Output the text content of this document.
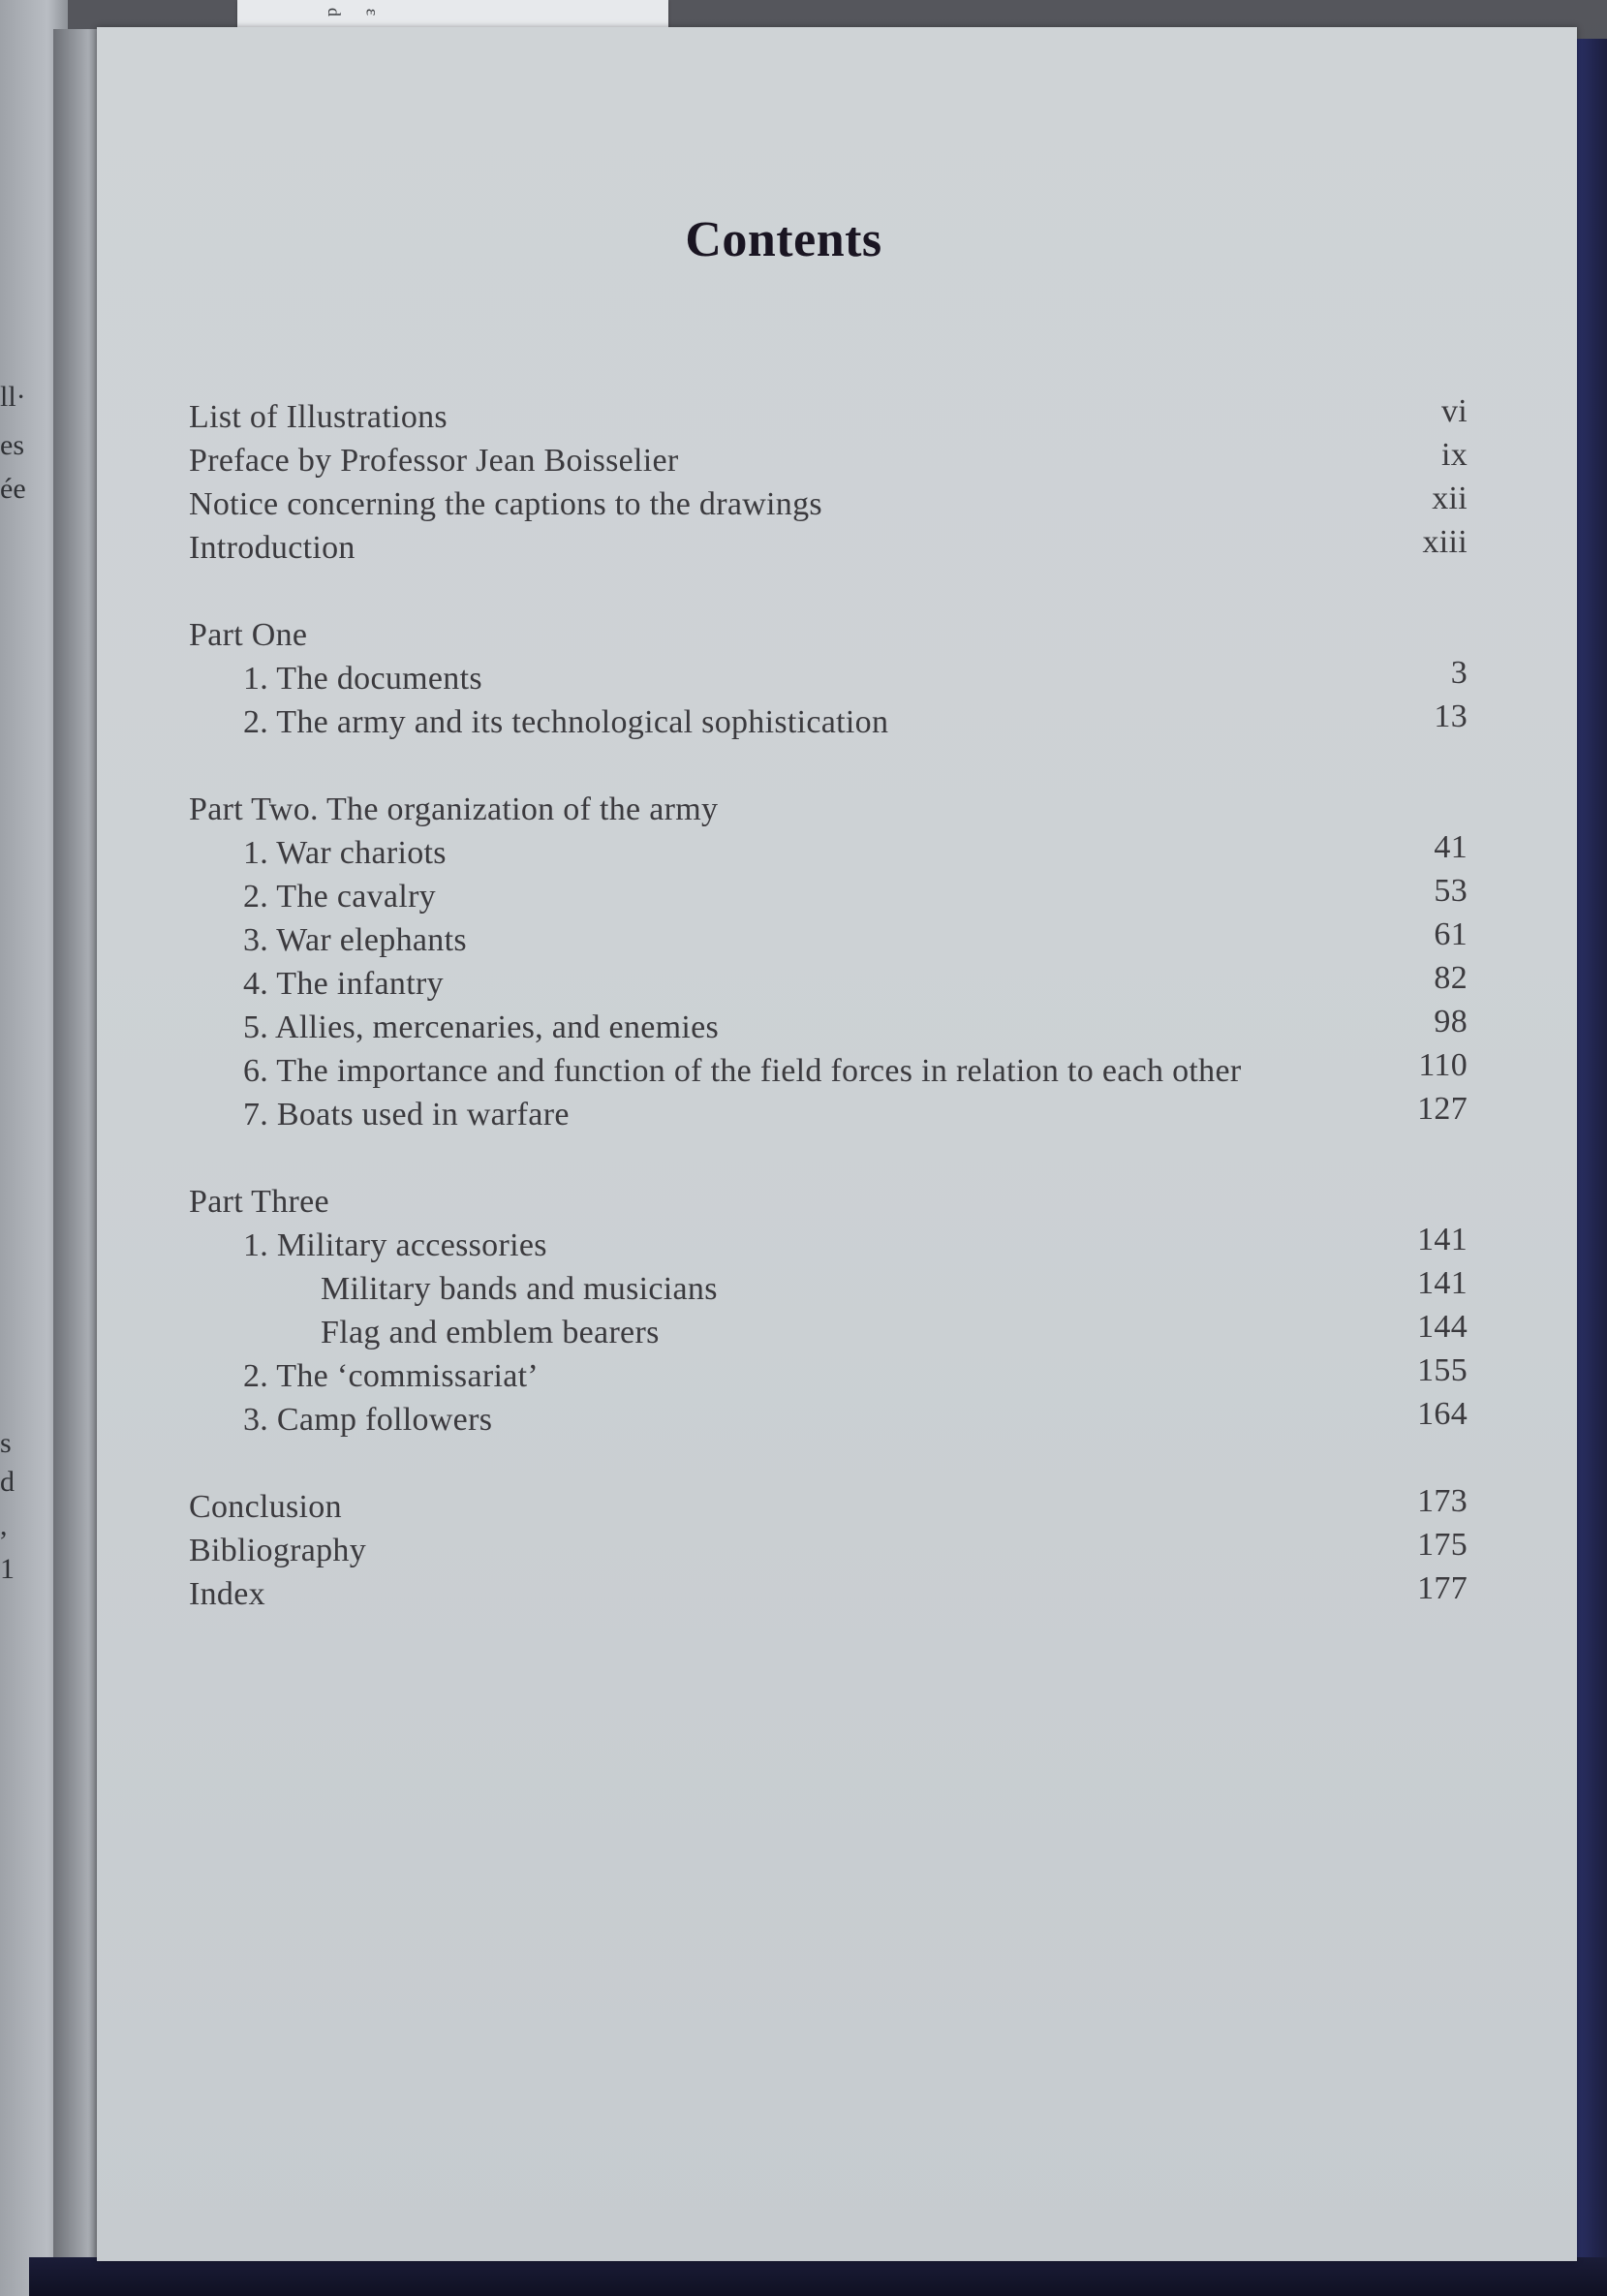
ll·
es
ée
s
d
,
1
d ɛ
Contents
List of Illustrations	vi
Preface by Professor Jean Boisselier	ix
Notice concerning the captions to the drawings	xii
Introduction	xiii
Part One
1. The documents	3
2. The army and its technological sophistication	13
Part Two. The organization of the army
1. War chariots	41
2. The cavalry	53
3. War elephants	61
4. The infantry	82
5. Allies, mercenaries, and enemies	98
6. The importance and function of the field forces in relation to each other	110
7. Boats used in warfare	127
Part Three
1. Military accessories	141
Military bands and musicians	141
Flag and emblem bearers	144
2. The ‘commissariat’	155
3. Camp followers	164
Conclusion	173
Bibliography	175
Index	177
